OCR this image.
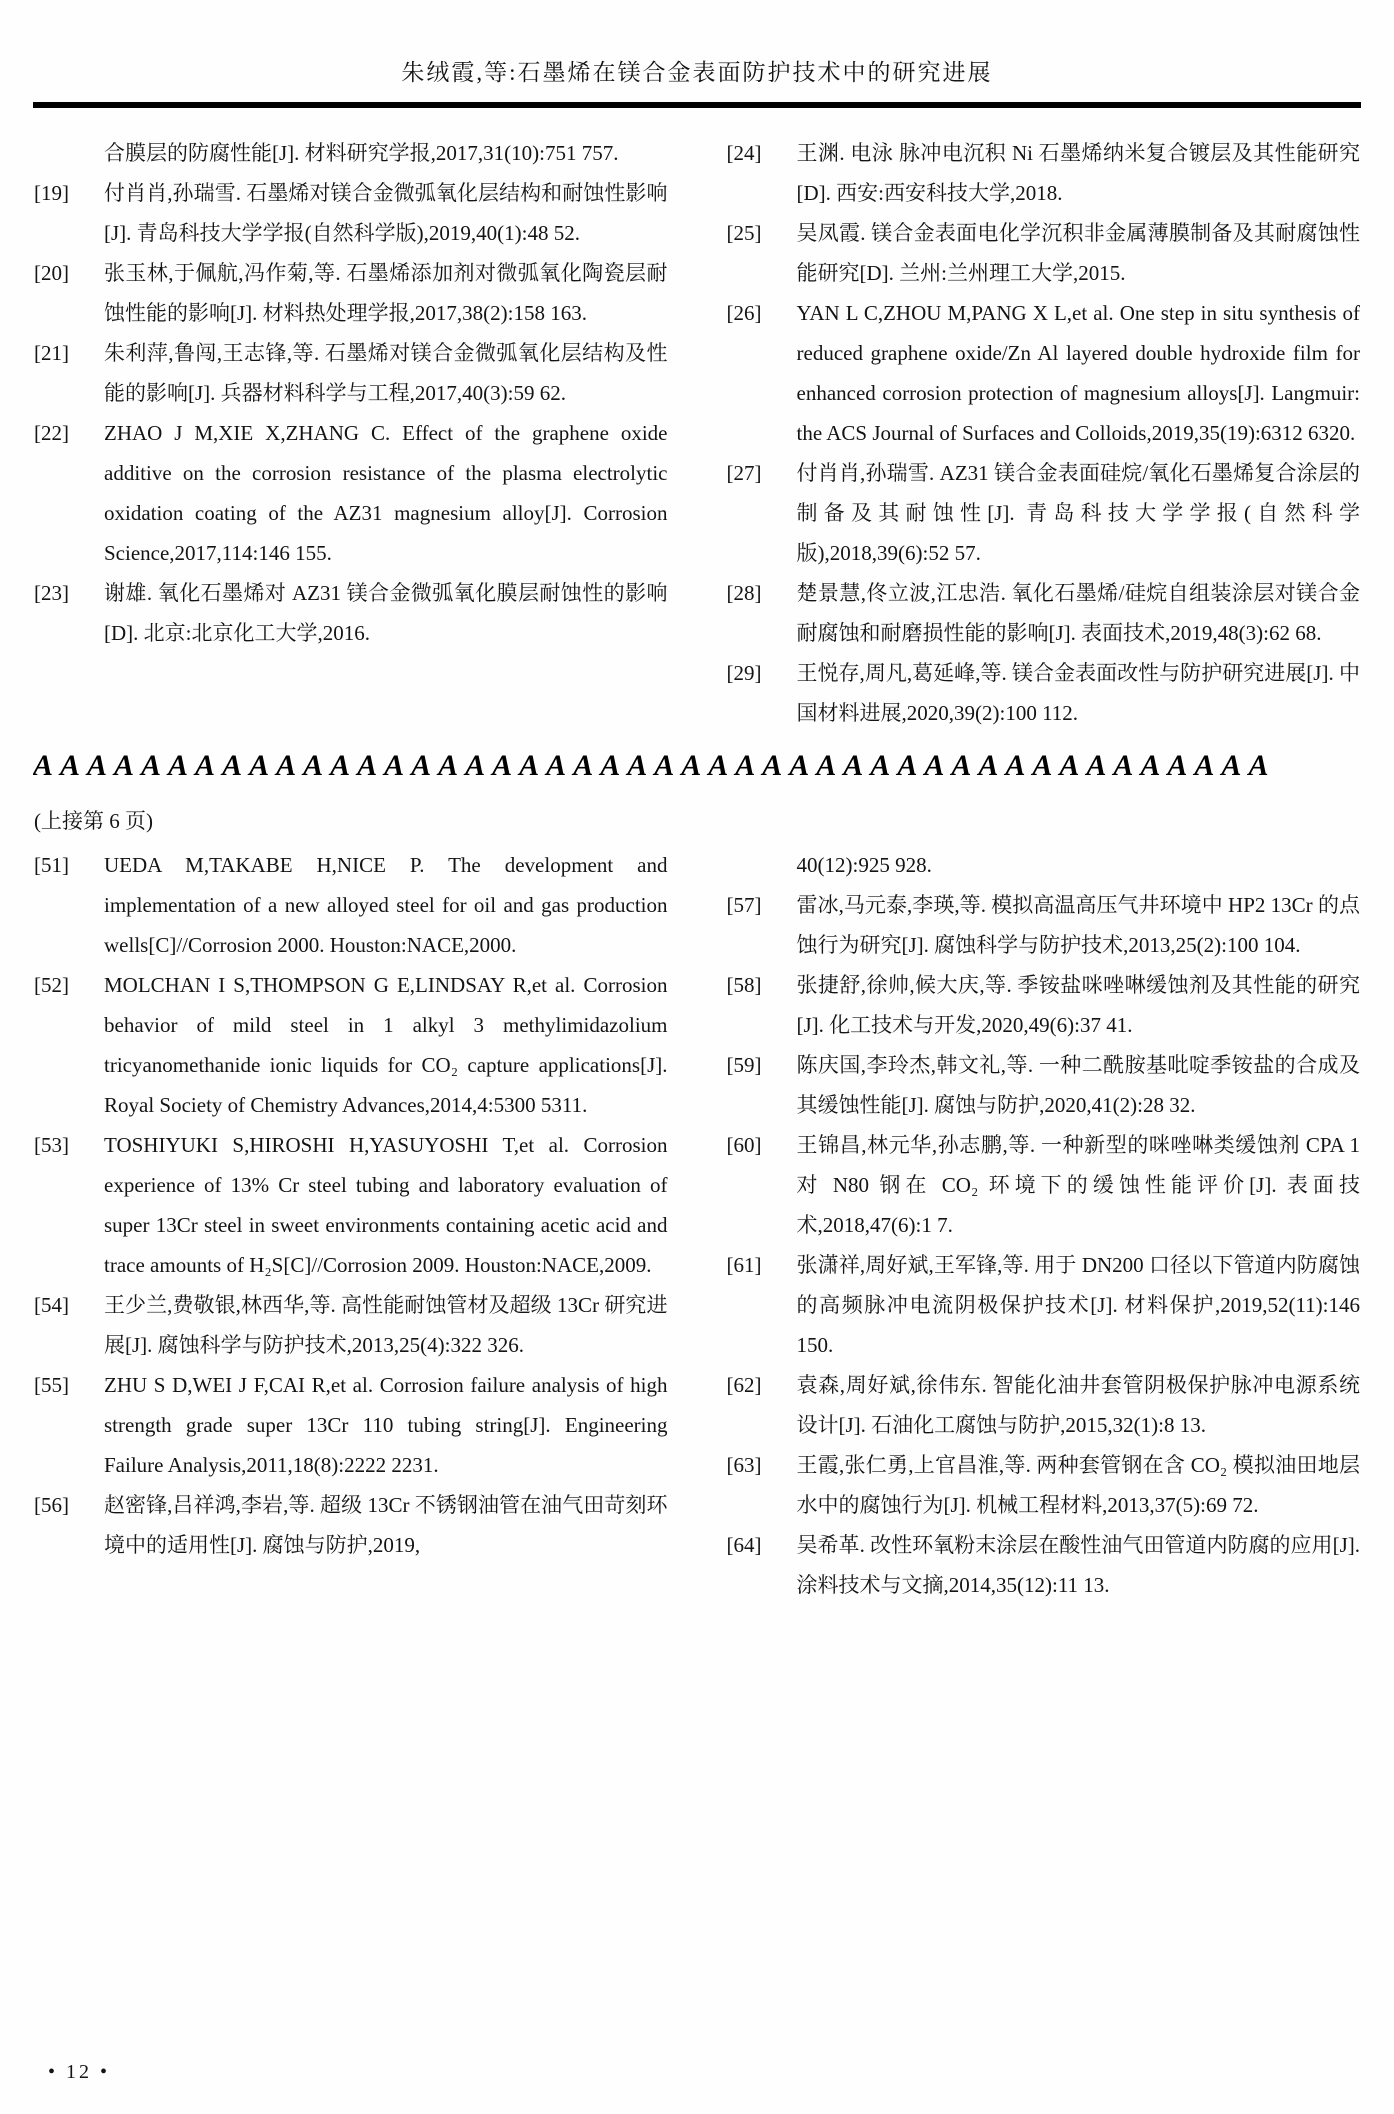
朱绒霞,等:石墨烯在镁合金表面防护技术中的研究进展
合膜层的防腐性能[J]. 材料研究学报,2017,31(10):751 757.
[19] 付肖肖,孙瑞雪. 石墨烯对镁合金微弧氧化层结构和耐蚀性影响[J]. 青岛科技大学学报(自然科学版),2019,40(1):48 52.
[20] 张玉林,于佩航,冯作菊,等. 石墨烯添加剂对微弧氧化陶瓷层耐蚀性能的影响[J]. 材料热处理学报,2017,38(2):158 163.
[21] 朱利萍,鲁闯,王志锋,等. 石墨烯对镁合金微弧氧化层结构及性能的影响[J]. 兵器材料科学与工程,2017,40(3):59 62.
[22] ZHAO J M,XIE X,ZHANG C. Effect of the graphene oxide additive on the corrosion resistance of the plasma electrolytic oxidation coating of the AZ31 magnesium alloy[J]. Corrosion Science,2017,114:146 155.
[23] 谢雄. 氧化石墨烯对 AZ31 镁合金微弧氧化膜层耐蚀性的影响[D]. 北京:北京化工大学,2016.
[24] 王渊. 电泳 脉冲电沉积 Ni 石墨烯纳米复合镀层及其性能研究[D]. 西安:西安科技大学,2018.
[25] 吴凤霞. 镁合金表面电化学沉积非金属薄膜制备及其耐腐蚀性能研究[D]. 兰州:兰州理工大学,2015.
[26] YAN L C,ZHOU M,PANG X L,et al. One step in situ synthesis of reduced graphene oxide/Zn Al layered double hydroxide film for enhanced corrosion protection of magnesium alloys[J]. Langmuir: the ACS Journal of Surfaces and Colloids,2019,35(19):6312 6320.
[27] 付肖肖,孙瑞雪. AZ31 镁合金表面硅烷/氧化石墨烯复合涂层的制备及其耐蚀性[J]. 青岛科技大学学报(自然科学版),2018,39(6):52 57.
[28] 楚景慧,佟立波,江忠浩. 氧化石墨烯/硅烷自组装涂层对镁合金耐腐蚀和耐磨损性能的影响[J]. 表面技术,2019,48(3):62 68.
[29] 王悦存,周凡,葛延峰,等. 镁合金表面改性与防护研究进展[J]. 中国材料进展,2020,39(2):100 112.
AAAAAAAAAAAAAAAAAAAAAAAAAAAAAAAAAAAAAAAAAAAAAA
(上接第 6 页)
[51] UEDA M,TAKABE H,NICE P. The development and implementation of a new alloyed steel for oil and gas production wells[C]//Corrosion 2000. Houston:NACE,2000.
[52] MOLCHAN I S,THOMPSON G E,LINDSAY R,et al. Corrosion behavior of mild steel in 1 alkyl 3 methylimidazolium tricyanomethanide ionic liquids for CO₂ capture applications[J]. Royal Society of Chemistry Advances,2014,4:5300 5311.
[53] TOSHIYUKI S,HIROSHI H,YASUYOSHI T,et al. Corrosion experience of 13% Cr steel tubing and laboratory evaluation of super 13Cr steel in sweet environments containing acetic acid and trace amounts of H₂S[C]//Corrosion 2009. Houston:NACE,2009.
[54] 王少兰,费敬银,林西华,等. 高性能耐蚀管材及超级 13Cr 研究进展[J]. 腐蚀科学与防护技术,2013,25(4):322 326.
[55] ZHU S D,WEI J F,CAI R,et al. Corrosion failure analysis of high strength grade super 13Cr 110 tubing string[J]. Engineering Failure Analysis,2011,18(8):2222 2231.
[56] 赵密锋,吕祥鸿,李岩,等. 超级 13Cr 不锈钢油管在油气田苛刻环境中的适用性[J]. 腐蚀与防护,2019,
40(12):925 928.
[57] 雷冰,马元泰,李瑛,等. 模拟高温高压气井环境中 HP2 13Cr 的点蚀行为研究[J]. 腐蚀科学与防护技术,2013,25(2):100 104.
[58] 张捷舒,徐帅,候大庆,等. 季铵盐咪唑啉缓蚀剂及其性能的研究[J]. 化工技术与开发,2020,49(6):37 41.
[59] 陈庆国,李玲杰,韩文礼,等. 一种二酰胺基吡啶季铵盐的合成及其缓蚀性能[J]. 腐蚀与防护,2020,41(2):28 32.
[60] 王锦昌,林元华,孙志鹏,等. 一种新型的咪唑啉类缓蚀剂 CPA 1 对 N80 钢在 CO₂ 环境下的缓蚀性能评价[J]. 表面技术,2018,47(6):1 7.
[61] 张潇祥,周好斌,王军锋,等. 用于 DN200 口径以下管道内防腐蚀的高频脉冲电流阴极保护技术[J]. 材料保护,2019,52(11):146 150.
[62] 袁森,周好斌,徐伟东. 智能化油井套管阴极保护脉冲电源系统设计[J]. 石油化工腐蚀与防护,2015,32(1):8 13.
[63] 王霞,张仁勇,上官昌淮,等. 两种套管钢在含 CO₂ 模拟油田地层水中的腐蚀行为[J]. 机械工程材料,2013,37(5):69 72.
[64] 吴希革. 改性环氧粉末涂层在酸性油气田管道内防腐的应用[J]. 涂料技术与文摘,2014,35(12):11 13.
• 12 •
